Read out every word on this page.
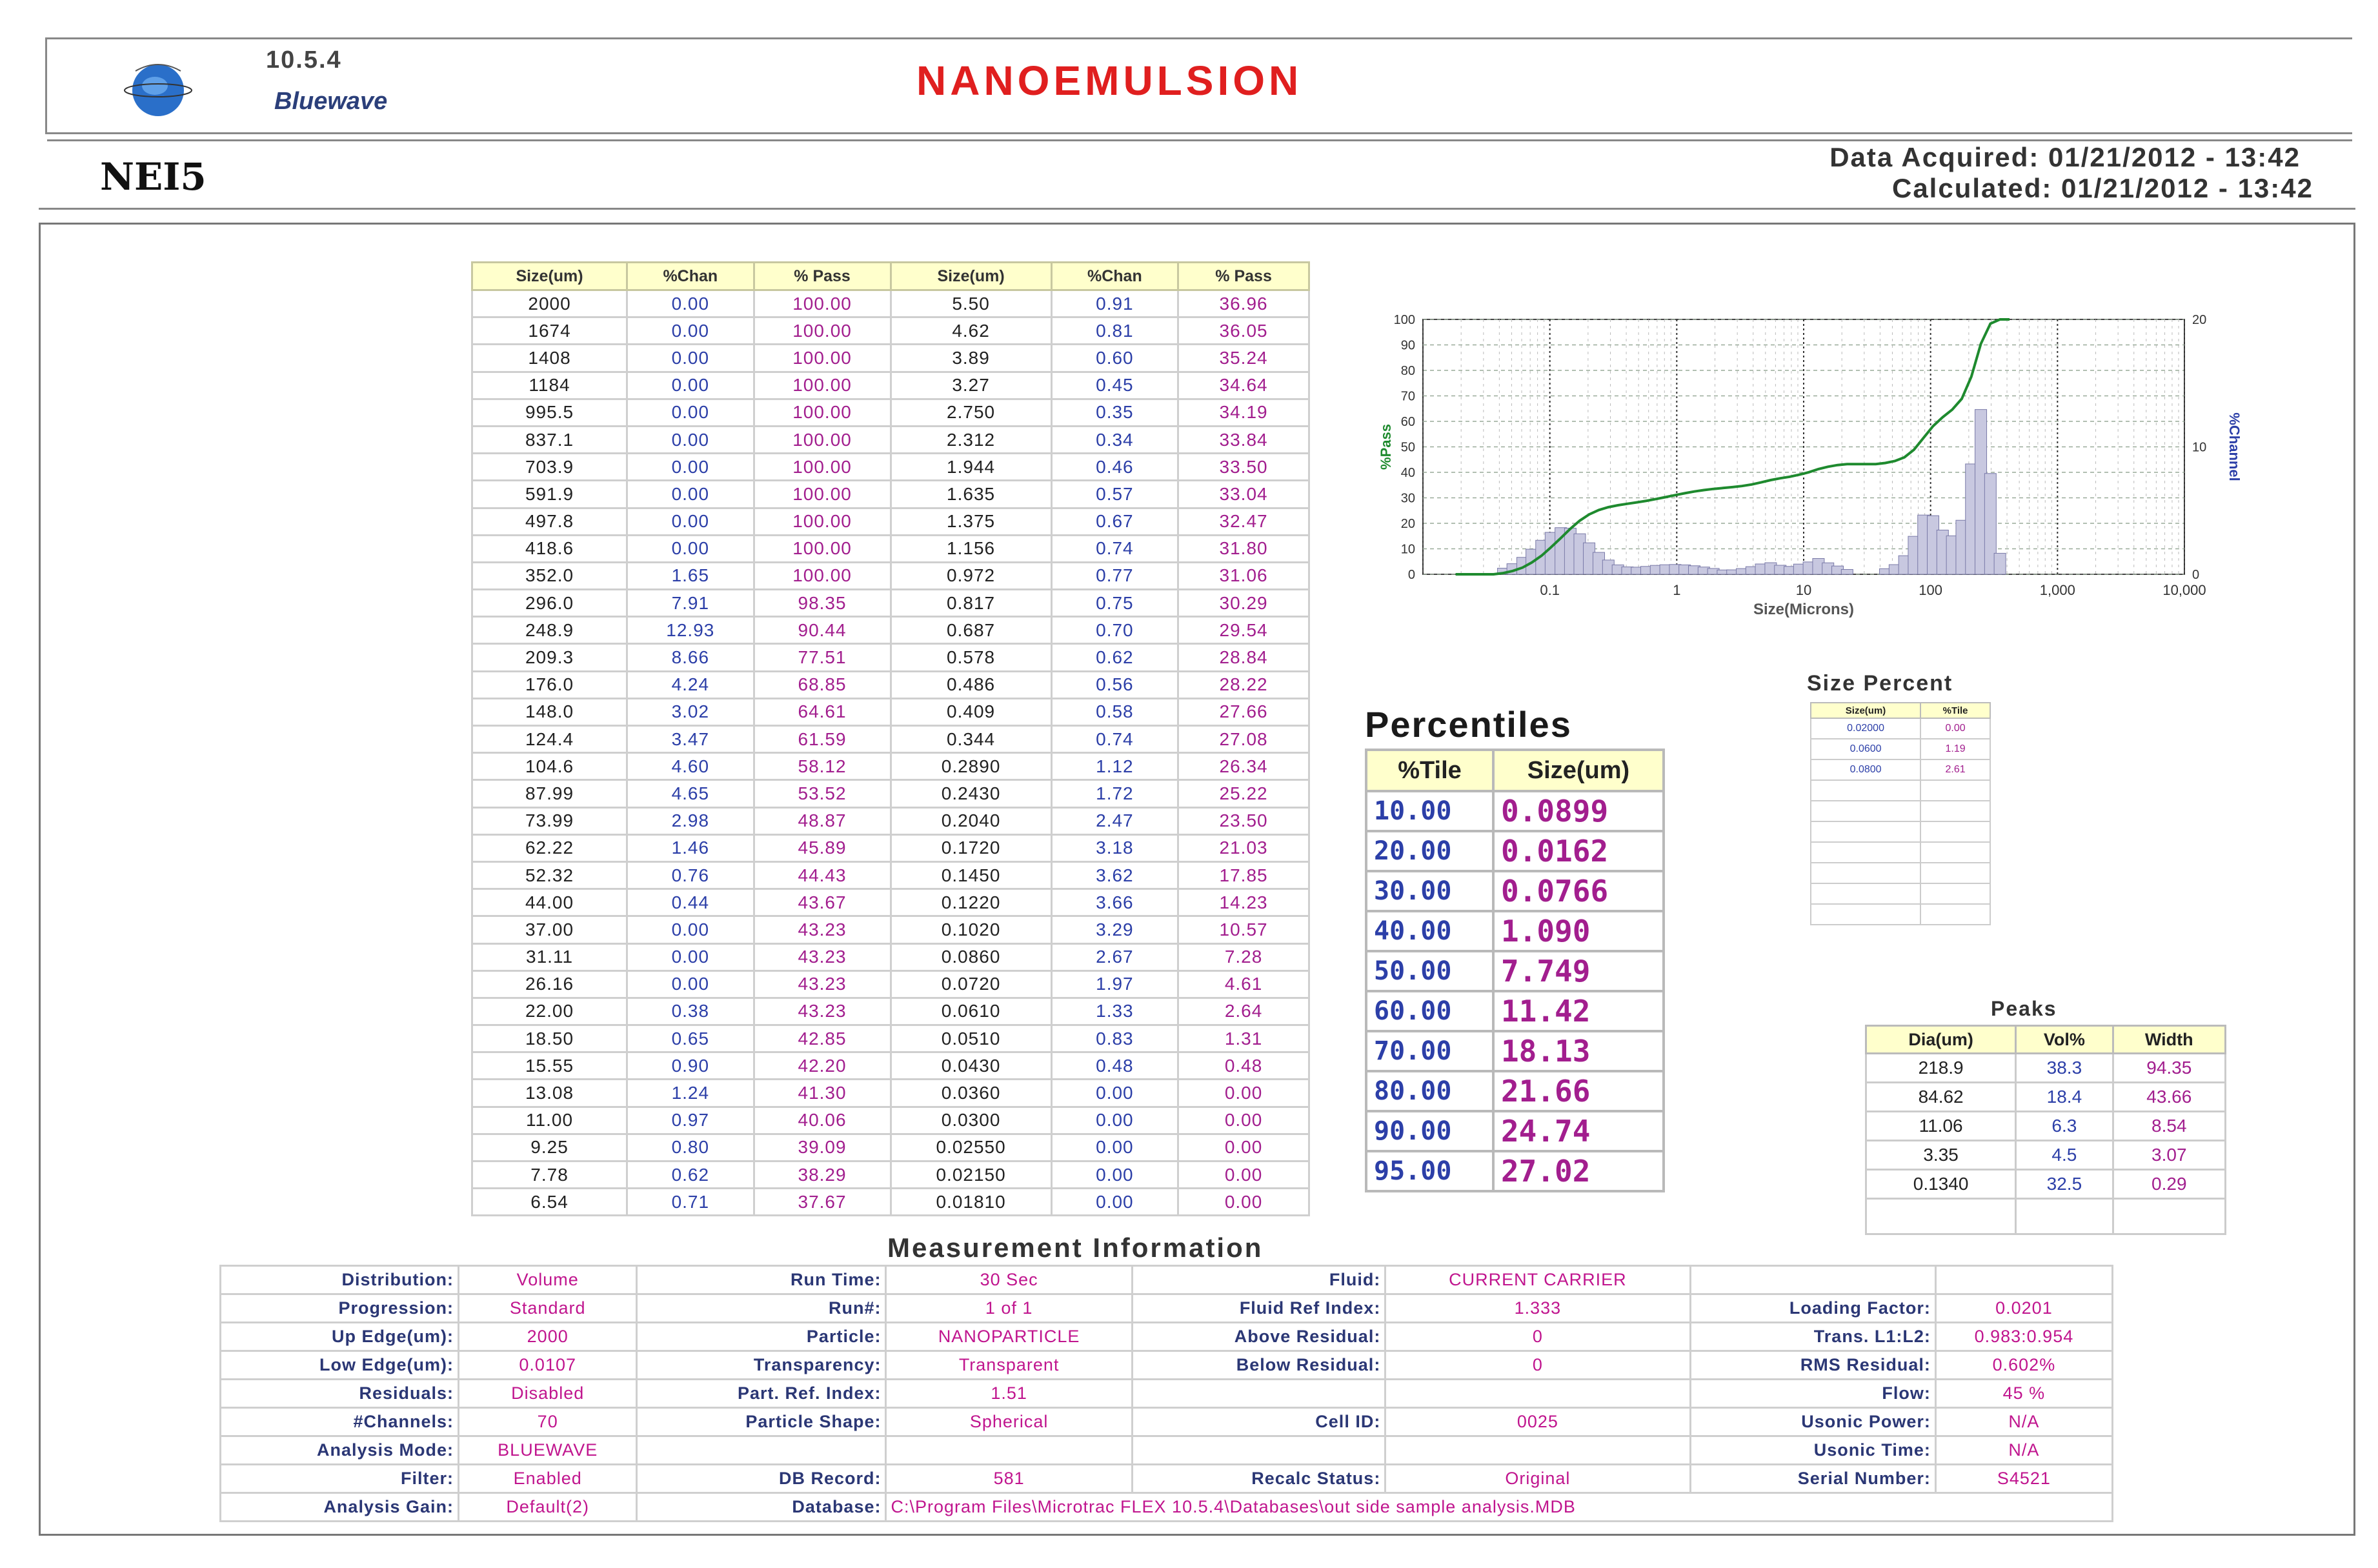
10.5.4
Bluewave	NANOEMULSION
NEI5	Data Acquired: 01/21/2012 - 13:42
Calculated: 01/21/2012 - 13:42
Size(um)	%Chan	% Pass	Size(um)	%Chan	% Pass
2000	0.00	100.00	5.50	0.91	36.96
1674	0.00	100.00	4.62	0.81	36.05
1408	0.00	100.00	3.89	0.60	35.24
1184	0.00	100.00	3.27	0.45	34.64
995.5	0.00	100.00	2.750	0.35	34.19
837.1	0.00	100.00	2.312	0.34	33.84
703.9	0.00	100.00	1.944	0.46	33.50
591.9	0.00	100.00	1.635	0.57	33.04
497.8	0.00	100.00	1.375	0.67	32.47
418.6	0.00	100.00	1.156	0.74	31.80
352.0	1.65	100.00	0.972	0.77	31.06
296.0	7.91	98.35	0.817	0.75	30.29
248.9	12.93	90.44	0.687	0.70	29.54
209.3	8.66	77.51	0.578	0.62	28.84
176.0	4.24	68.85	0.486	0.56	28.22
148.0	3.02	64.61	0.409	0.58	27.66
124.4	3.47	61.59	0.344	0.74	27.08
104.6	4.60	58.12	0.2890	1.12	26.34
87.99	4.65	53.52	0.2430	1.72	25.22
73.99	2.98	48.87	0.2040	2.47	23.50
62.22	1.46	45.89	0.1720	3.18	21.03
52.32	0.76	44.43	0.1450	3.62	17.85
44.00	0.44	43.67	0.1220	3.66	14.23
37.00	0.00	43.23	0.1020	3.29	10.57
31.11	0.00	43.23	0.0860	2.67	7.28
26.16	0.00	43.23	0.0720	1.97	4.61
22.00	0.38	43.23	0.0610	1.33	2.64
18.50	0.65	42.85	0.0510	0.83	1.31
15.55	0.90	42.20	0.0430	0.48	0.48
13.08	1.24	41.30	0.0360	0.00	0.00
11.00	0.97	40.06	0.0300	0.00	0.00
9.25	0.80	39.09	0.02550	0.00	0.00
7.78	0.62	38.29	0.02150	0.00	0.00
6.54	0.71	37.67	0.01810	0.00	0.00
0
10
20
30
40
50
60
70
80
90
100
0.1	1	10	100	1,000	10,000
0
10
20
Size(Microns)
%Pass	%Channel
Percentiles
%Tile	Size(um)
10.00	0.0899
20.00	0.0162
30.00	0.0766
40.00	1.090
50.00	7.749
60.00	11.42
70.00	18.13
80.00	21.66
90.00	24.74
95.00	27.02
Size Percent
Size(um)	%Tile
0.02000	0.00
0.0600	1.19
0.0800	2.61

Peaks
Dia(um)	Vol%	Width
218.9	38.3	94.35
84.62	18.4	43.66
11.06	6.3	8.54
3.35	4.5	3.07
0.1340	32.5	0.29

Measurement Information
Distribution:	Volume	Run Time:	30 Sec	Fluid:	CURRENT CARRIER		
Progression:	Standard	Run#:	1 of 1	Fluid Ref Index:	1.333	Loading Factor:	0.0201
Up Edge(um):	2000	Particle:	NANOPARTICLE	Above Residual:	0	Trans. L1:L2:	0.983:0.954
Low Edge(um):	0.0107	Transparency:	Transparent	Below Residual:	0	RMS Residual:	0.602%
Residuals:	Disabled	Part. Ref. Index:	1.51			Flow:	45 %
#Channels:	70	Particle Shape:	Spherical	Cell ID:	0025	Usonic Power:	N/A
Analysis Mode:	BLUEWAVE					Usonic Time:	N/A
Filter:	Enabled	DB Record:	581	Recalc Status:	Original	Serial Number:	S4521
Analysis Gain:	Default(2)	Database:	C:\Program Files\Microtrac FLEX 10.5.4\Databases\out side sample analysis.MDB				
